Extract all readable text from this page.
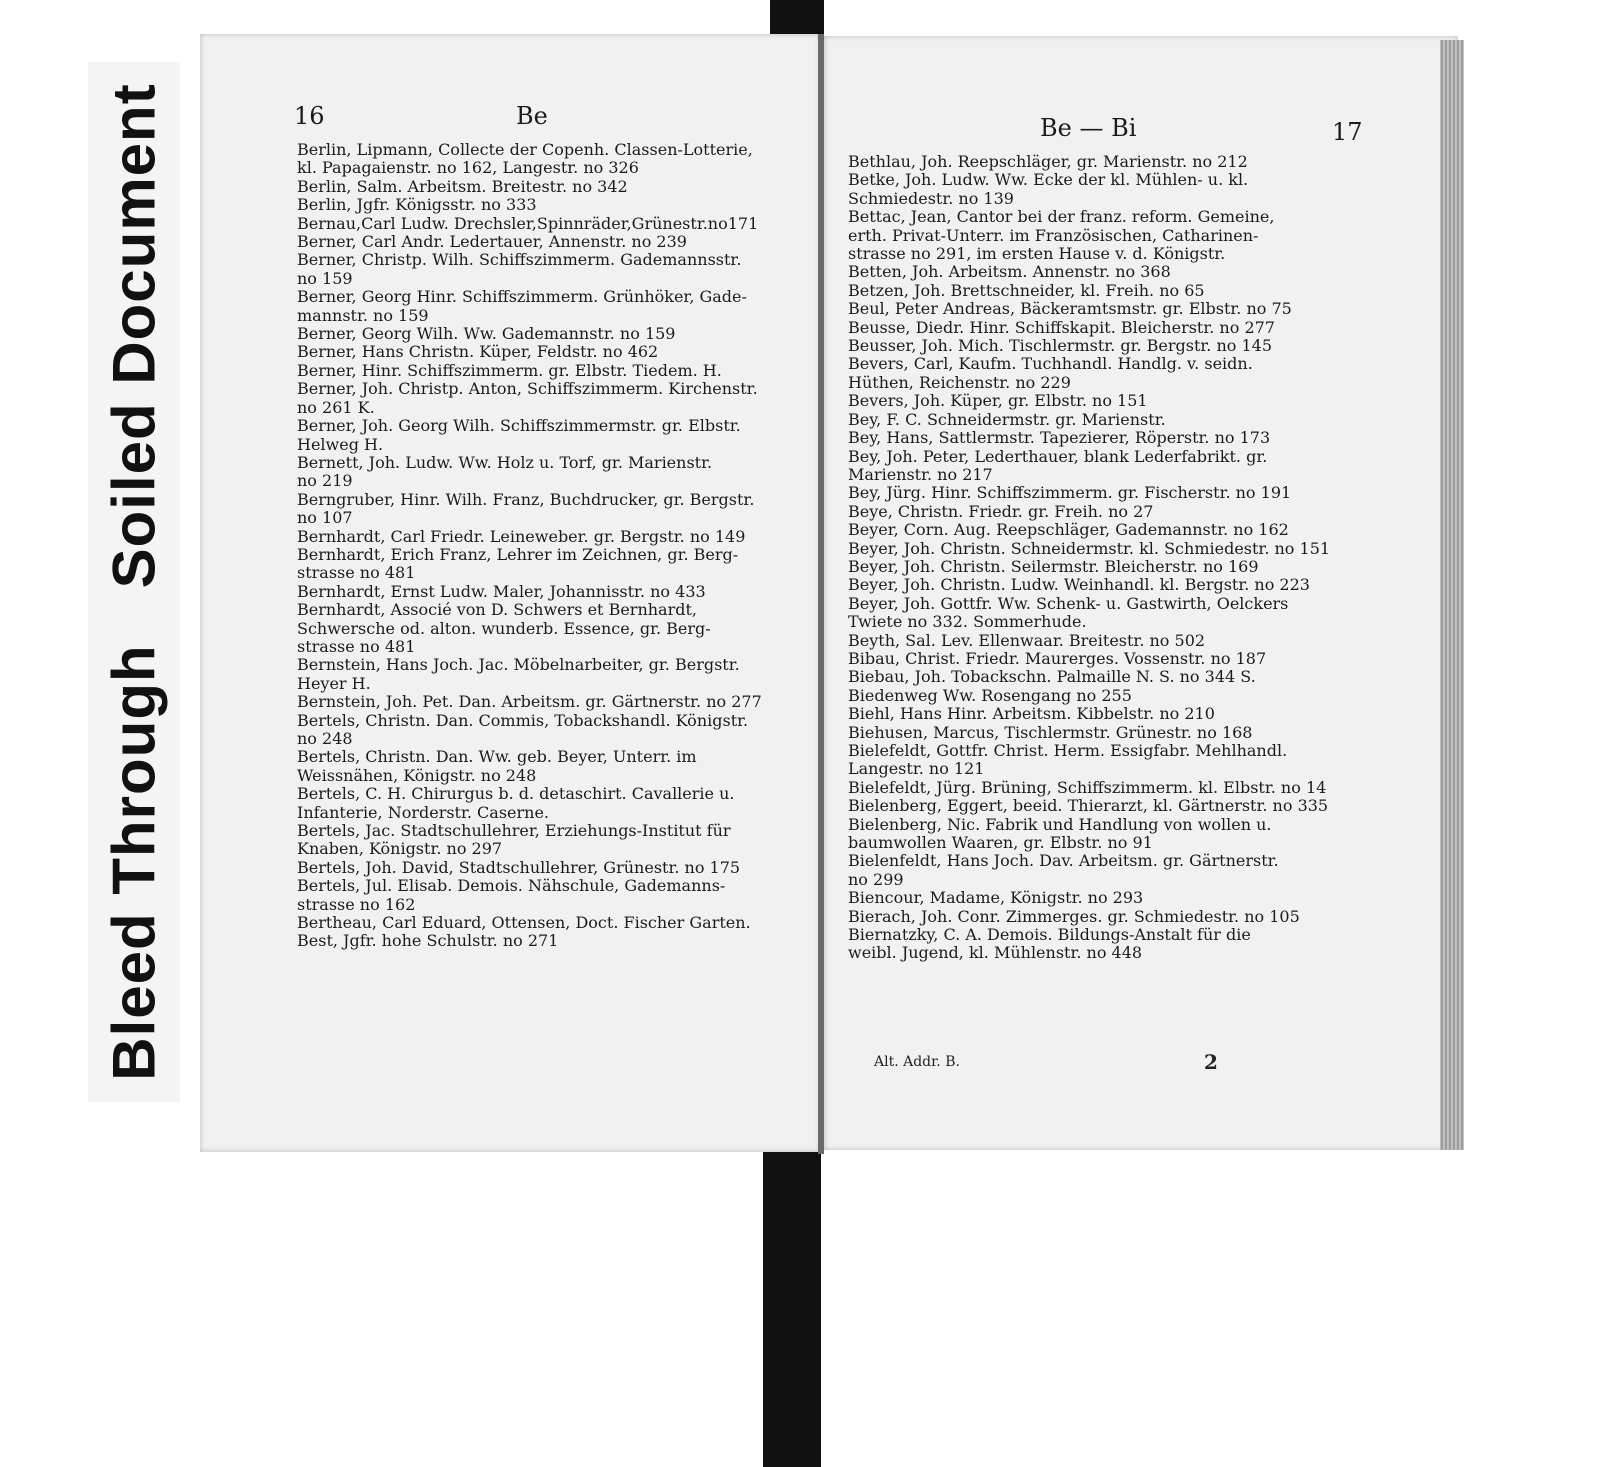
Bleed ThroughSoiled Document	16	Be
Berlin, Lipmann, Collecte der Copenh. Classen-Lotterie,
kl. Papagaienstr. no 162, Langestr. no 326
Berlin, Salm. Arbeitsm. Breitestr. no 342
Berlin, Jgfr. Königsstr. no 333
Bernau,Carl Ludw. Drechsler,Spinnräder,Grünestr.no171
Berner, Carl Andr. Ledertauer, Annenstr. no 239
Berner, Christp. Wilh. Schiffszimmerm. Gademannsstr.
no 159
Berner, Georg Hinr. Schiffszimmerm. Grünhöker, Gade-
mannstr. no 159
Berner, Georg Wilh. Ww. Gademannstr. no 159
Berner, Hans Christn. Küper, Feldstr. no 462
Berner, Hinr. Schiffszimmerm. gr. Elbstr. Tiedem. H.
Berner, Joh. Christp. Anton, Schiffszimmerm. Kirchenstr.
no 261 K.
Berner, Joh. Georg Wilh. Schiffszimmermstr. gr. Elbstr.
Helweg H.
Bernett, Joh. Ludw. Ww. Holz u. Torf, gr. Marienstr.
no 219
Berngruber, Hinr. Wilh. Franz, Buchdrucker, gr. Bergstr.
no 107
Bernhardt, Carl Friedr. Leineweber. gr. Bergstr. no 149
Bernhardt, Erich Franz, Lehrer im Zeichnen, gr. Berg-
strasse no 481
Bernhardt, Ernst Ludw. Maler, Johannisstr. no 433
Bernhardt, Associé von D. Schwers et Bernhardt,
Schwersche od. alton. wunderb. Essence, gr. Berg-
strasse no 481
Bernstein, Hans Joch. Jac. Möbelnarbeiter, gr. Bergstr.
Heyer H.
Bernstein, Joh. Pet. Dan. Arbeitsm. gr. Gärtnerstr. no 277
Bertels, Christn. Dan. Commis, Tobackshandl. Königstr.
no 248
Bertels, Christn. Dan. Ww. geb. Beyer, Unterr. im
Weissnähen, Königstr. no 248
Bertels, C. H. Chirurgus b. d. detaschirt. Cavallerie u.
Infanterie, Norderstr. Caserne.
Bertels, Jac. Stadtschullehrer, Erziehungs-Institut für
Knaben, Königstr. no 297
Bertels, Joh. David, Stadtschullehrer, Grünestr. no 175
Bertels, Jul. Elisab. Demois. Nähschule, Gademanns-
strasse no 162
Bertheau, Carl Eduard, Ottensen, Doct. Fischer Garten.
Best, Jgfr. hohe Schulstr. no 271
Be — Bi	17
Bethlau, Joh. Reepschläger, gr. Marienstr. no 212
Betke, Joh. Ludw. Ww. Ecke der kl. Mühlen- u. kl.
Schmiedestr. no 139
Bettac, Jean, Cantor bei der franz. reform. Gemeine,
erth. Privat-Unterr. im Französischen, Catharinen-
strasse no 291, im ersten Hause v. d. Königstr.
Betten, Joh. Arbeitsm. Annenstr. no 368
Betzen, Joh. Brettschneider, kl. Freih. no 65
Beul, Peter Andreas, Bäckeramtsmstr. gr. Elbstr. no 75
Beusse, Diedr. Hinr. Schiffskapit. Bleicherstr. no 277
Beusser, Joh. Mich. Tischlermstr. gr. Bergstr. no 145
Bevers, Carl, Kaufm. Tuchhandl. Handlg. v. seidn.
Hüthen, Reichenstr. no 229
Bevers, Joh. Küper, gr. Elbstr. no 151
Bey, F. C. Schneidermstr. gr. Marienstr.
Bey, Hans, Sattlermstr. Tapezierer, Röperstr. no 173
Bey, Joh. Peter, Lederthauer, blank Lederfabrikt. gr.
Marienstr. no 217
Bey, Jürg. Hinr. Schiffszimmerm. gr. Fischerstr. no 191
Beye, Christn. Friedr. gr. Freih. no 27
Beyer, Corn. Aug. Reepschläger, Gademannstr. no 162
Beyer, Joh. Christn. Schneidermstr. kl. Schmiedestr. no 151
Beyer, Joh. Christn. Seilermstr. Bleicherstr. no 169
Beyer, Joh. Christn. Ludw. Weinhandl. kl. Bergstr. no 223
Beyer, Joh. Gottfr. Ww. Schenk- u. Gastwirth, Oelckers
Twiete no 332. Sommerhude.
Beyth, Sal. Lev. Ellenwaar. Breitestr. no 502
Bibau, Christ. Friedr. Maurerges. Vossenstr. no 187
Biebau, Joh. Tobackschn. Palmaille N. S. no 344 S.
Biedenweg Ww. Rosengang no 255
Biehl, Hans Hinr. Arbeitsm. Kibbelstr. no 210
Biehusen, Marcus, Tischlermstr. Grünestr. no 168
Bielefeldt, Gottfr. Christ. Herm. Essigfabr. Mehlhandl.
Langestr. no 121
Bielefeldt, Jürg. Brüning, Schiffszimmerm. kl. Elbstr. no 14
Bielenberg, Eggert, beeid. Thierarzt, kl. Gärtnerstr. no 335
Bielenberg, Nic. Fabrik und Handlung von wollen u.
baumwollen Waaren, gr. Elbstr. no 91
Bielenfeldt, Hans Joch. Dav. Arbeitsm. gr. Gärtnerstr.
no 299
Biencour, Madame, Königstr. no 293
Bierach, Joh. Conr. Zimmerges. gr. Schmiedestr. no 105
Biernatzky, C. A. Demois. Bildungs-Anstalt für die
weibl. Jugend, kl. Mühlenstr. no 448
Alt. Addr. B.	2
